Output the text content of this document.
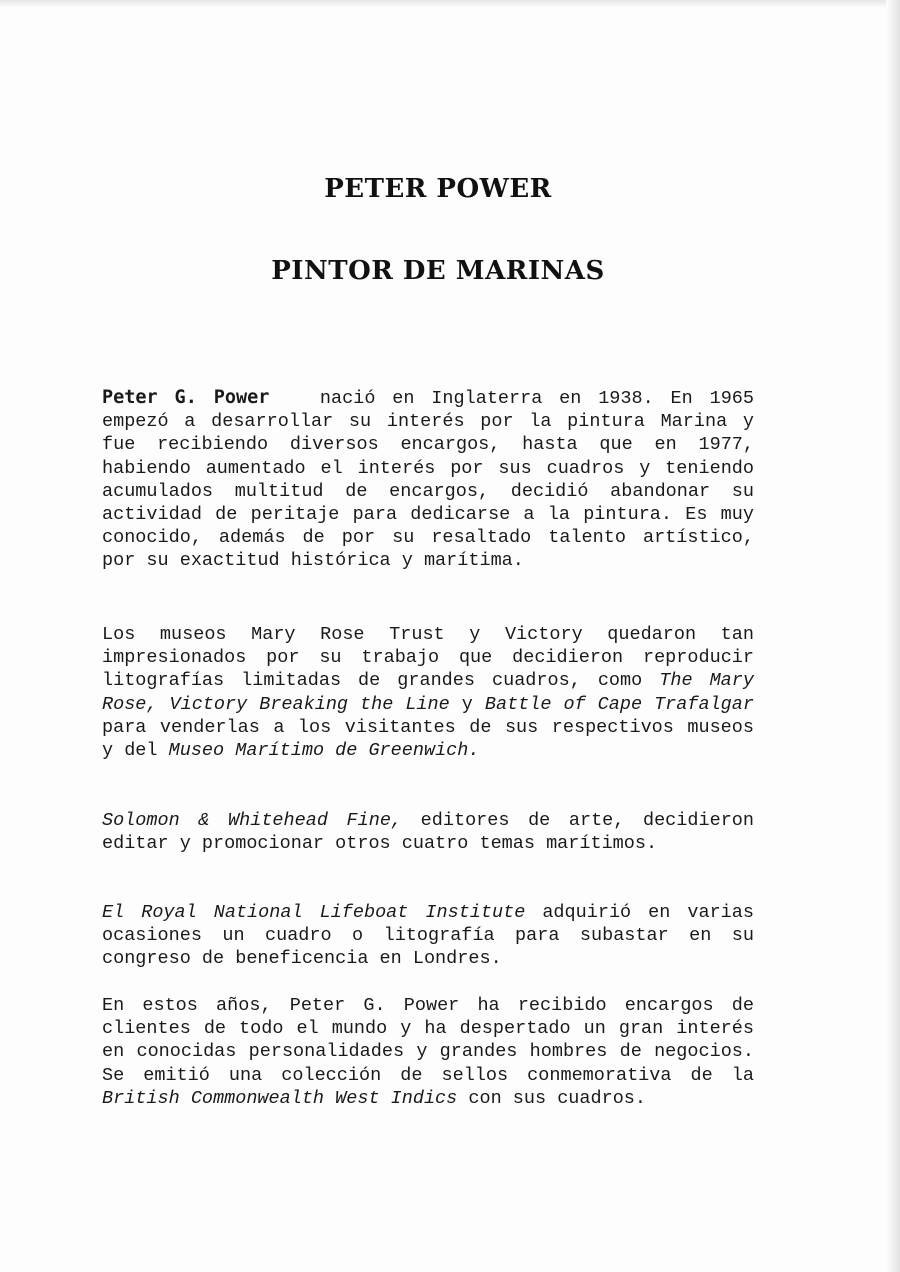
PETER POWER
PINTOR DE MARINAS

Peter G. Power	nació en Inglaterra en 1938. En 1965 empezó a desarrollar su interés por la pintura Marina y fue recibiendo diversos encargos, hasta que en 1977, habiendo aumentado el interés por sus cuadros y teniendo acumulados multitud de encargos, decidió abandonar su actividad de peritaje para dedicarse a la pintura. Es muy conocido, además de por su resaltado talento artístico, por su exactitud histórica y marítima.

Los museos Mary Rose Trust y Victory quedaron tan impresionados por su trabajo que decidieron reproducir litografías limitadas de grandes cuadros, como The Mary Rose, Victory Breaking the Line y Battle of Cape Trafalgar para venderlas a los visitantes de sus respectivos museos y del Museo Marítimo de Greenwich.

Solomon & Whitehead Fine, editores de arte, decidieron editar y promocionar otros cuatro temas marítimos.

El Royal National Lifeboat Institute adquirió en varias ocasiones un cuadro o litografía para subastar en su congreso de beneficencia en Londres.

En estos años, Peter G. Power ha recibido encargos de clientes de todo el mundo y ha despertado un gran interés en conocidas personalidades y grandes hombres de negocios. Se emitió una colección de sellos conmemorativa de la British Commonwealth West Indics con sus cuadros.
